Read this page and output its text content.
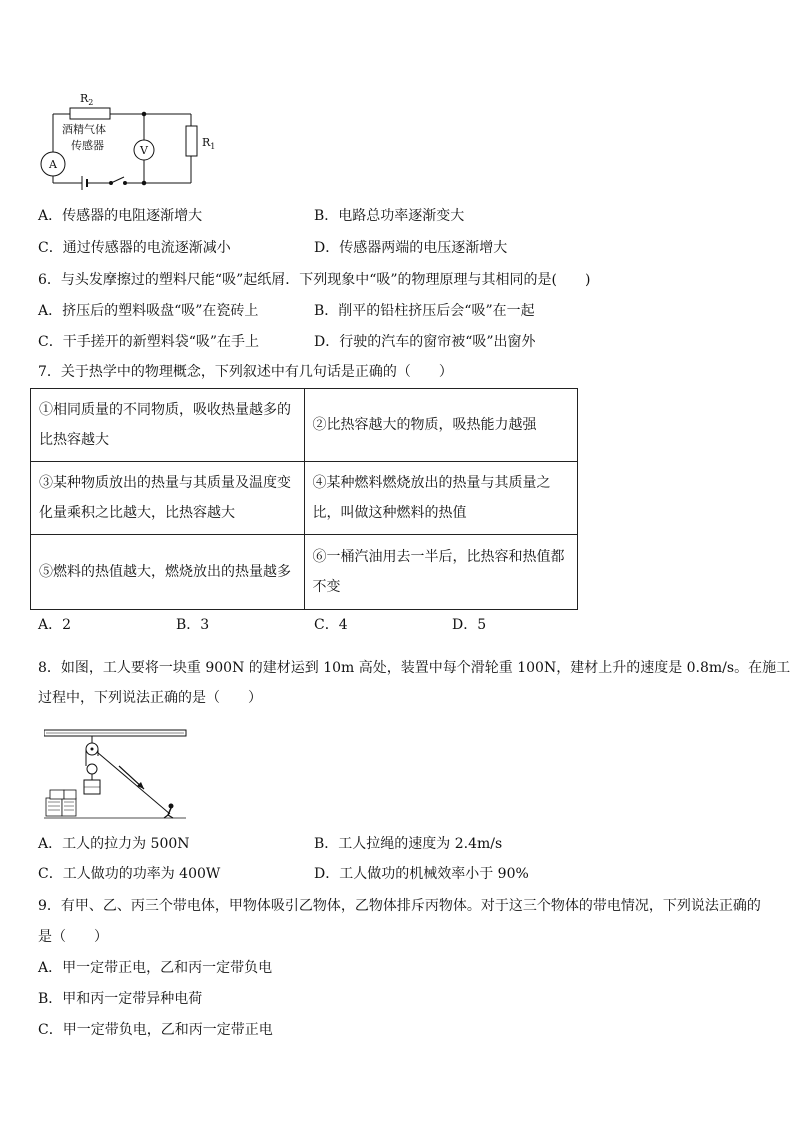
$R_2$
$R_1$
酒精气体
传感器
A
V
A．传感器的电阻逐渐增大	B．电路总功率逐渐变大
C．通过传感器的电流逐渐减小	D．传感器两端的电压逐渐增大
6．与头发摩擦过的塑料尺能“吸”起纸屑．下列现象中“吸”的物理原理与其相同的是(　　)
A．挤压后的塑料吸盘“吸”在瓷砖上	B．削平的铅柱挤压后会“吸”在一起
C．干手搓开的新塑料袋“吸”在手上	D．行驶的汽车的窗帘被“吸”出窗外
7．关于热学中的物理概念，下列叙述中有几句话是正确的（　　）
①相同质量的不同物质，吸收热量越多的比热容越大	②比热容越大的物质，吸热能力越强
③某种物质放出的热量与其质量及温度变化量乘积之比越大，比热容越大	④某种燃料燃烧放出的热量与其质量之比，叫做这种燃料的热值
⑤燃料的热值越大，燃烧放出的热量越多	⑥一桶汽油用去一半后，比热容和热值都不变
A．2	B．3	C．4	D．5
8．如图，工人要将一块重 900N 的建材运到 10m 高处，装置中每个滑轮重 100N，建材上升的速度是 0.8m/s。在施工
过程中，下列说法正确的是（　　）
A．工人的拉力为 500N	B．工人拉绳的速度为 2.4m/s
C．工人做功的功率为 400W	D．工人做功的机械效率小于 90%
9．有甲、乙、丙三个带电体，甲物体吸引乙物体，乙物体排斥丙物体。对于这三个物体的带电情况，下列说法正确的
是（　　）
A．甲一定带正电，乙和丙一定带负电
B．甲和丙一定带异种电荷
C．甲一定带负电，乙和丙一定带正电
